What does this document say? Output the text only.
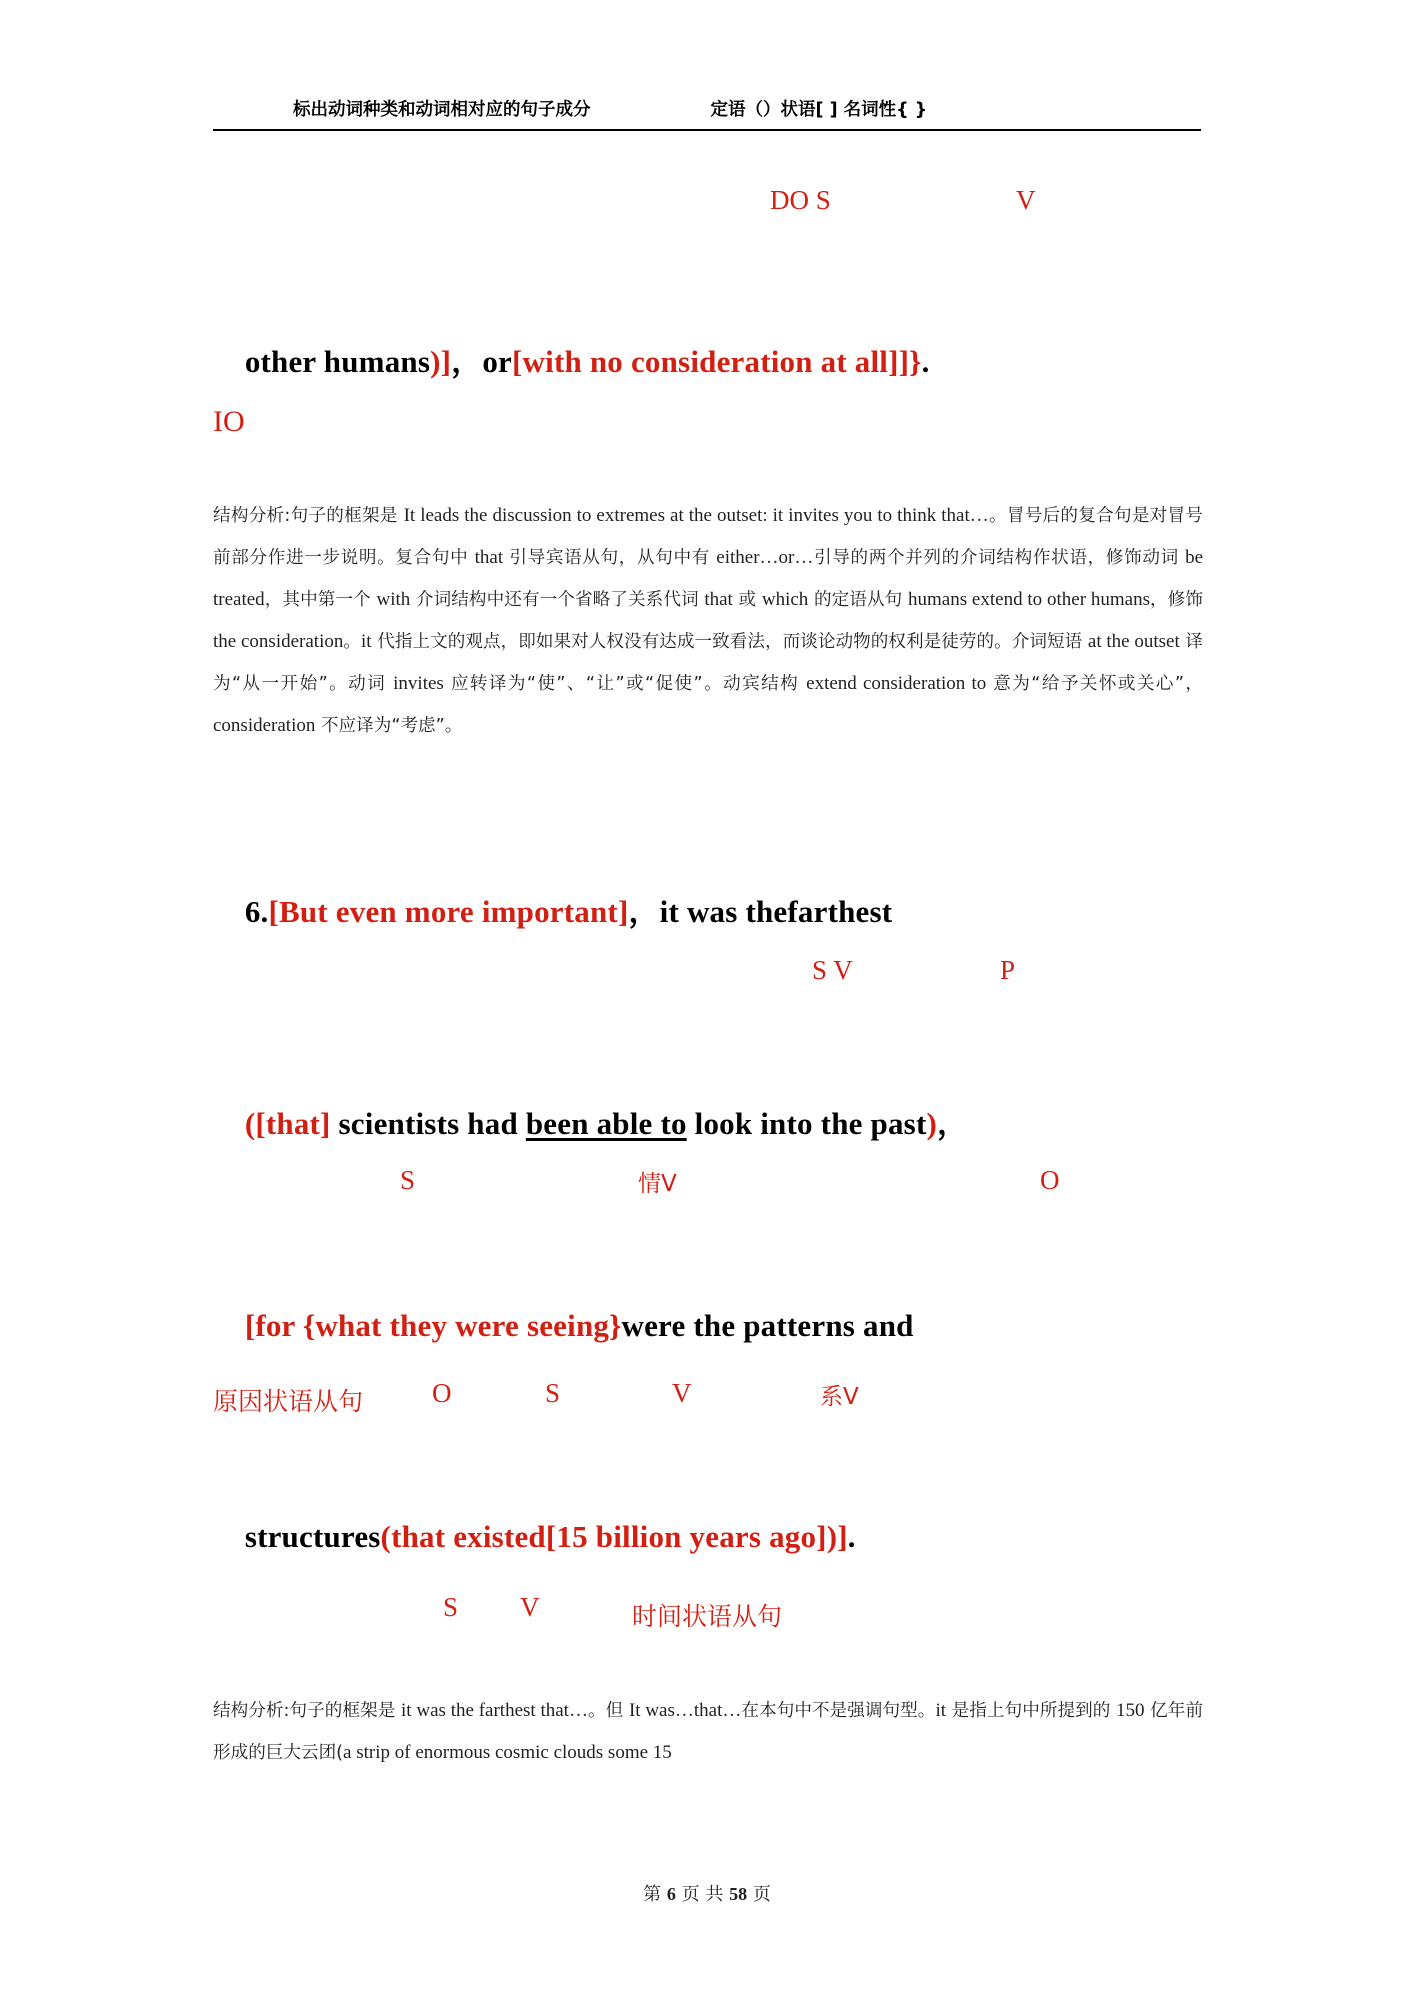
标出动词种类和动词相对应的句子成分	定语（）状语[ ] 名词性{ }
DO S	V

other humans)]，or[with no consideration at all]]}.

IO
结构分析:句子的框架是 It leads the discussion to extremes at the outset: it invites you to think that…。冒号后的复合句是对冒号前部分作进一步说明。复合句中 that 引导宾语从句，从句中有 either…or…引导的两个并列的介词结构作状语，修饰动词 be treated，其中第一个 with 介词结构中还有一个省略了关系代词 that 或 which 的定语从句 humans extend to other humans，修饰 the consideration。it 代指上文的观点，即如果对人权没有达成一致看法，而谈论动物的权利是徒劳的。介词短语 at the outset 译为“从一开始”。动词 invites 应转译为“使”、“让”或“促使”。动宾结构 extend consideration to 意为“给予关怀或关心”，consideration 不应译为“考虑”。

6.[But even more important]，it was thefarthest

S V	P

([that] scientists had been able to look into the past)，

S	情V	O

[for {what they were seeing}were the patterns and

原因状语从句	O	S	V	系V

structures(that existed[15 billion years ago])].

S V	时间状语从句
结构分析:句子的框架是 it was the farthest that…。但 It was…that…在本句中不是强调句型。it 是指上句中所提到的 150 亿年前形成的巨大云团(a strip of enormous cosmic clouds some 15
第 6 页 共 58 页
